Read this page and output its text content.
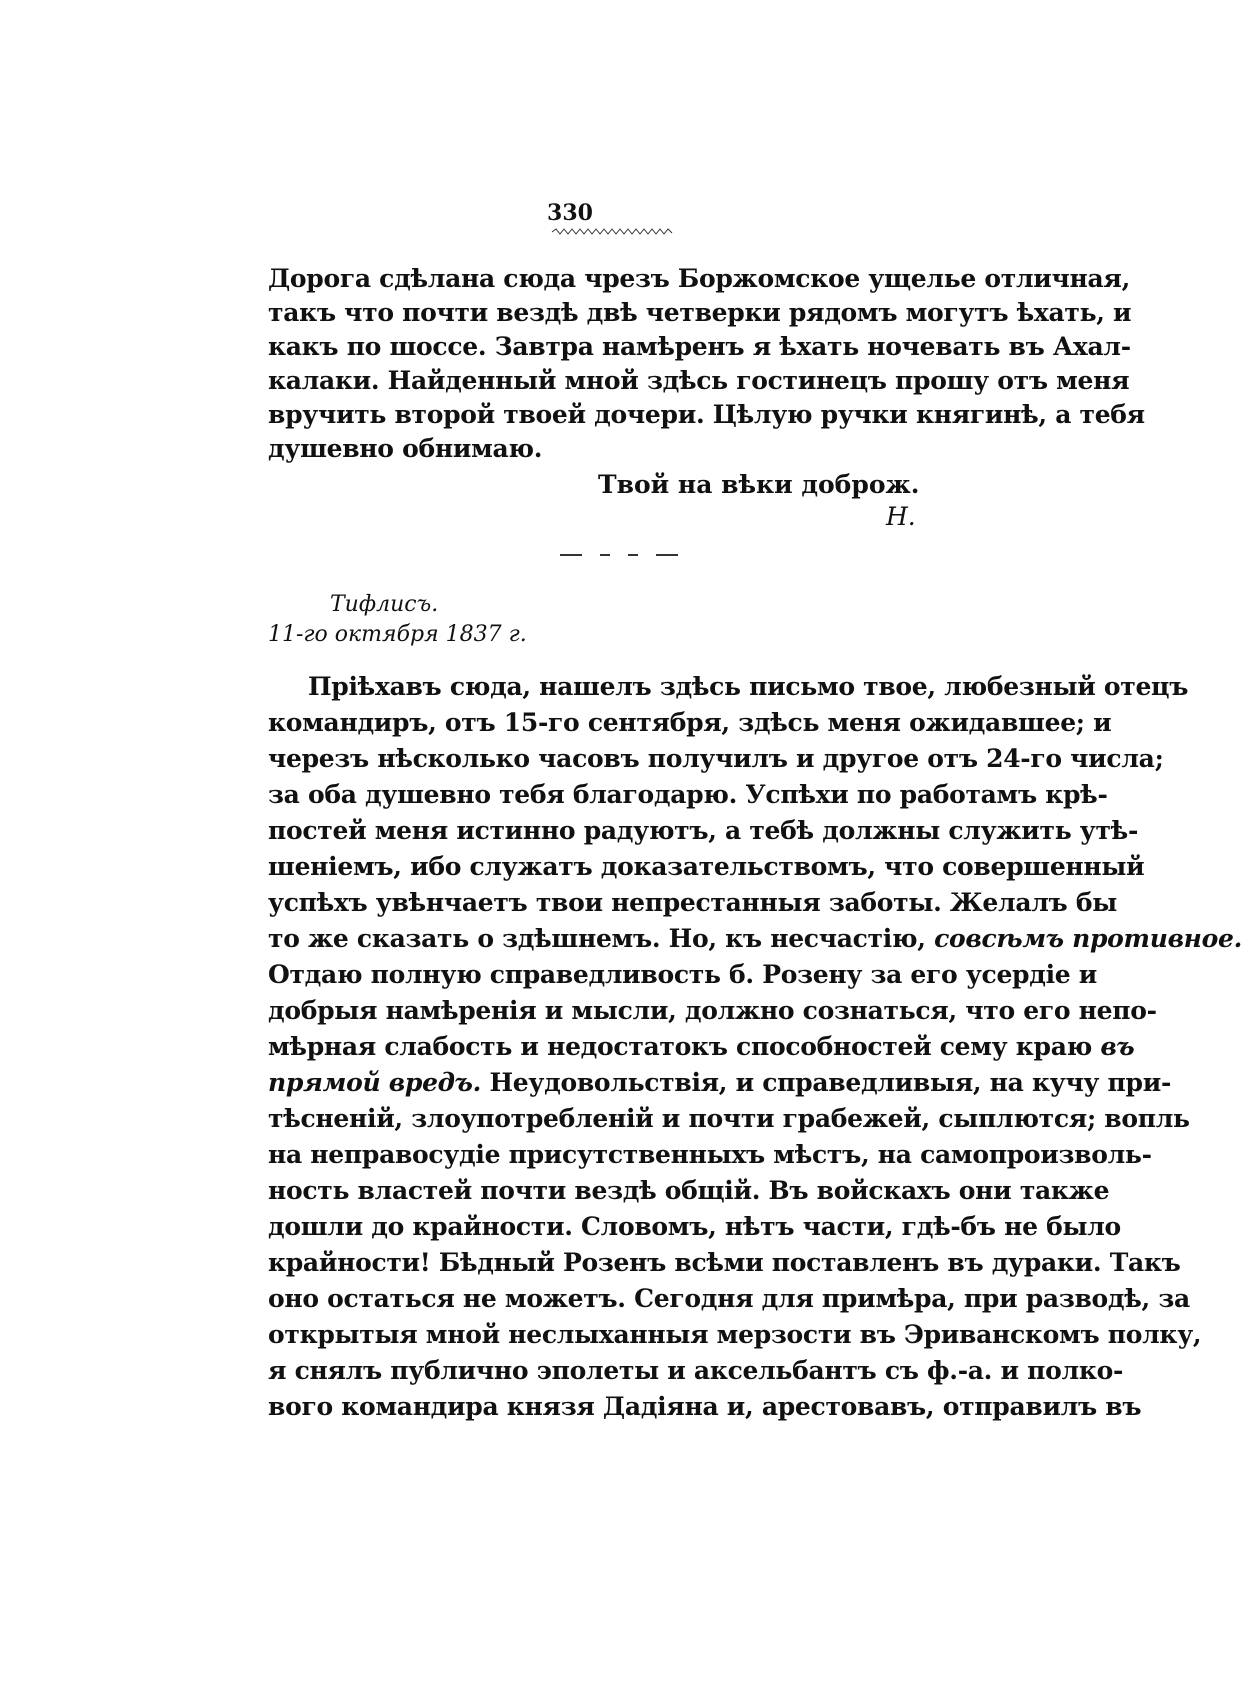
330
Дорога сдѣлана сюда чрезъ Боржомское ущелье отличная,
такъ что почти вездѣ двѣ четверки рядомъ могутъ ѣхать, и
какъ по шоссе. Завтра намѣренъ я ѣхать ночевать въ Ахал-
калаки. Найденный мной здѣсь гостинецъ прошу отъ меня
вручить второй твоей дочери. Цѣлую ручки княгинѣ, а тебя
душевно обнимаю.
Твой на вѣки доброж.
Н.
Тифлисъ.
11-го октября 1837 г.
Пріѣхавъ сюда, нашелъ здѣсь письмо твое, любезный отецъ
командиръ, отъ 15-го сентября, здѣсь меня ожидавшее; и
черезъ нѣсколько часовъ получилъ и другое отъ 24-го числа;
за оба душевно тебя благодарю. Успѣхи по работамъ крѣ-
постей меня истинно радуютъ, а тебѣ должны служить утѣ-
шеніемъ, ибо служатъ доказательствомъ, что совершенный
успѣхъ увѣнчаетъ твои непрестанныя заботы. Желалъ бы
то же сказать о здѣшнемъ. Но, къ несчастію, совсѣмъ противное.
Отдаю полную справедливость б. Розену за его усердіе и
добрыя намѣренія и мысли, должно сознаться, что его непо-
мѣрная слабость и недостатокъ способностей сему краю въ
прямой вредъ. Неудовольствія, и справедливыя, на кучу при-
тѣсненій, злоупотребленій и почти грабежей, сыплются; вопль
на неправосудіе присутственныхъ мѣстъ, на самопроизволь-
ность властей почти вездѣ общій. Въ войскахъ они также
дошли до крайности. Словомъ, нѣтъ части, гдѣ-бъ не было
крайности! Бѣдный Розенъ всѣми поставленъ въ дураки. Такъ
оно остаться не можетъ. Сегодня для примѣра, при разводѣ, за
открытыя мной неслыханныя мерзости въ Эриванскомъ полку,
я снялъ публично эполеты и аксельбантъ съ ф.-а. и полко-
вого командира князя Дадіяна и, арестовавъ, отправилъ въ
